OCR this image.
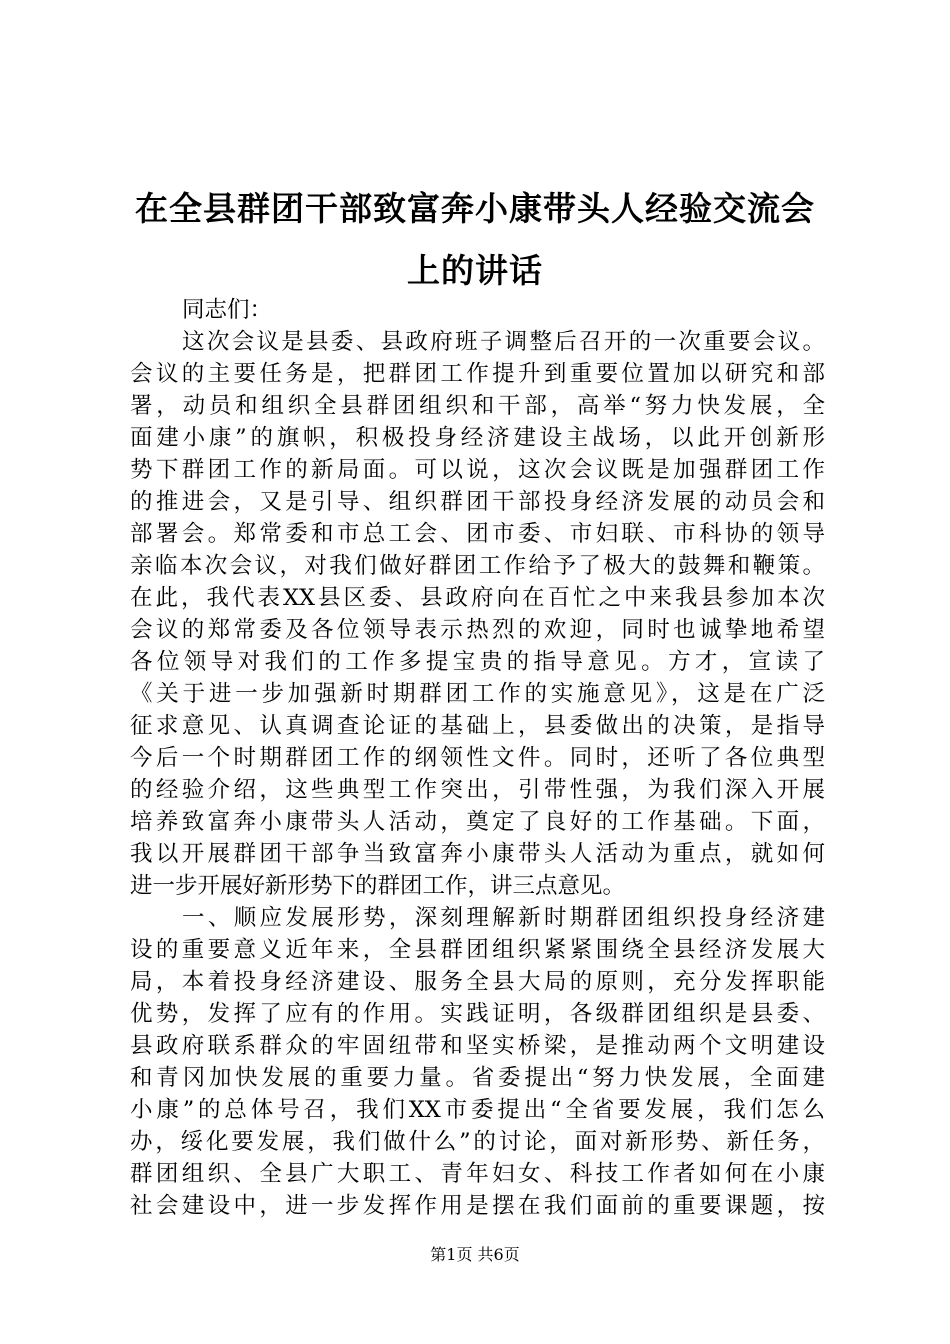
在全县群团干部致富奔小康带头人经验交流会
上的讲话
同志们：
这次会议是县委、县政府班子调整后召开的一次重要会议。
会议的主要任务是，把群团工作提升到重要位置加以研究和部
署，动员和组织全县群团组织和干部，高举“努力快发展，全
面建小康”的旗帜，积极投身经济建设主战场，以此开创新形
势下群团工作的新局面。可以说，这次会议既是加强群团工作
的推进会，又是引导、组织群团干部投身经济发展的动员会和
部署会。郑常委和市总工会、团市委、市妇联、市科协的领导
亲临本次会议，对我们做好群团工作给予了极大的鼓舞和鞭策。
在此，我代表XX县区委、县政府向在百忙之中来我县参加本次
会议的郑常委及各位领导表示热烈的欢迎，同时也诚挚地希望
各位领导对我们的工作多提宝贵的指导意见。方才，宣读了
《关于进一步加强新时期群团工作的实施意见》，这是在广泛
征求意见、认真调查论证的基础上，县委做出的决策，是指导
今后一个时期群团工作的纲领性文件。同时，还听了各位典型
的经验介绍，这些典型工作突出，引带性强，为我们深入开展
培养致富奔小康带头人活动，奠定了良好的工作基础。下面，
我以开展群团干部争当致富奔小康带头人活动为重点，就如何
进一步开展好新形势下的群团工作，讲三点意见。
一、顺应发展形势，深刻理解新时期群团组织投身经济建
设的重要意义近年来，全县群团组织紧紧围绕全县经济发展大
局，本着投身经济建设、服务全县大局的原则，充分发挥职能
优势，发挥了应有的作用。实践证明，各级群团组织是县委、
县政府联系群众的牢固纽带和坚实桥梁，是推动两个文明建设
和青冈加快发展的重要力量。省委提出“努力快发展，全面建
小康”的总体号召，我们XX市委提出“全省要发展，我们怎么
办，绥化要发展，我们做什么”的讨论，面对新形势、新任务，
群团组织、全县广大职工、青年妇女、科技工作者如何在小康
社会建设中，进一步发挥作用是摆在我们面前的重要课题，按
第1页 共6页
